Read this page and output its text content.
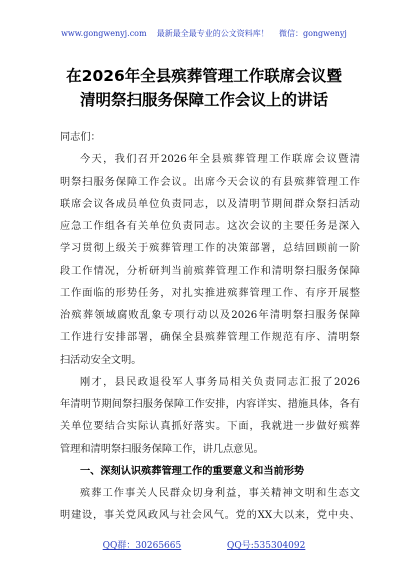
www.gongwenyj.com 最新最全最专业的公文资料库！ 微信：gongwenyj
在2026年全县殡葬管理工作联席会议暨
清明祭扫服务保障工作会议上的讲话
同志们：
今天，我们召开2026年全县殡葬管理工作联席会议暨清
明祭扫服务保障工作会议。出席今天会议的有县殡葬管理工作
联席会议各成员单位负责同志，以及清明节期间群众祭扫活动
应急工作组各有关单位负责同志。这次会议的主要任务是深入
学习贯彻上级关于殡葬管理工作的决策部署，总结回顾前一阶
段工作情况，分析研判当前殡葬管理工作和清明祭扫服务保障
工作面临的形势任务，对扎实推进殡葬管理工作、有序开展整
治殡葬领域腐败乱象专项行动以及2026年清明祭扫服务保障
工作进行安排部署，确保全县殡葬管理工作规范有序、清明祭
扫活动安全文明。
刚才，县民政退役军人事务局相关负责同志汇报了2026
年清明节期间祭扫服务保障工作安排，内容详实、措施具体，各有
关单位要结合实际认真抓好落实。下面，我就进一步做好殡葬
管理和清明祭扫服务保障工作，讲几点意见。
一、深刻认识殡葬管理工作的重要意义和当前形势
殡葬工作事关人民群众切身利益，事关精神文明和生态文
明建设，事关党风政风与社会风气。党的XX大以来，党中央、
QQ群：30265665	QQ号:535304092
